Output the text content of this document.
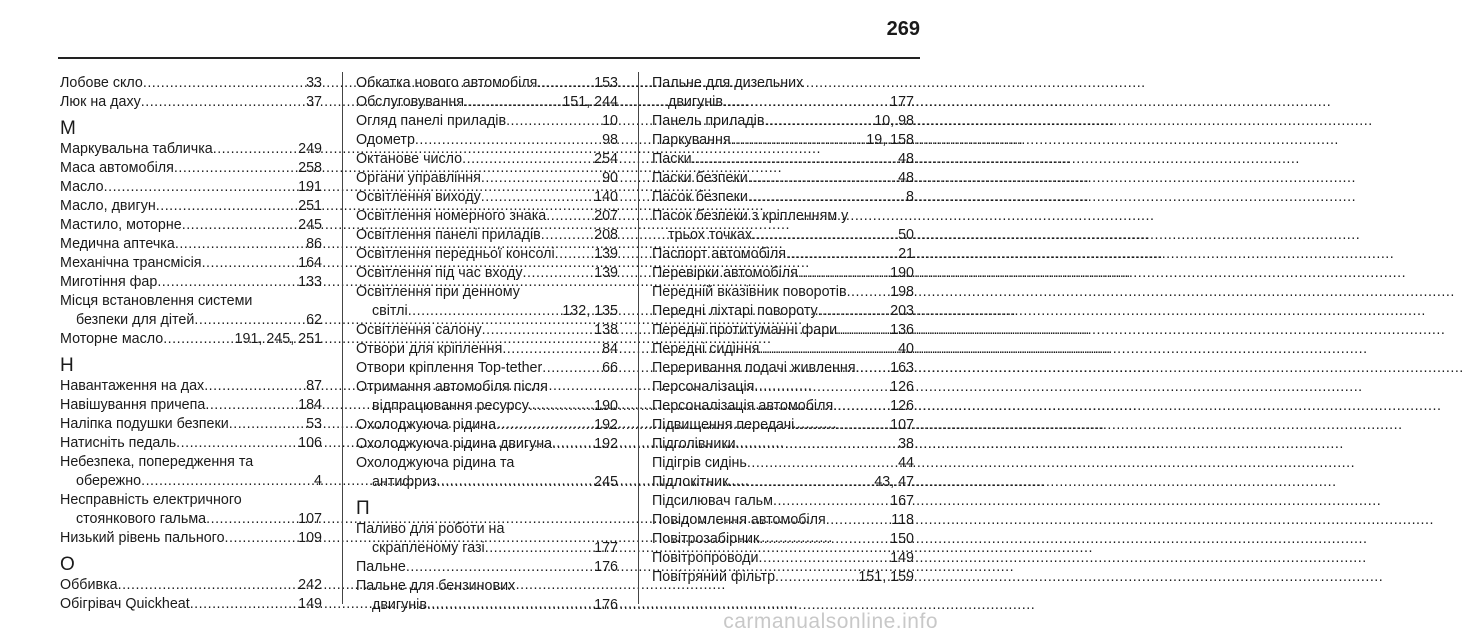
269
Лобове скло .....	33
Люк на даху .....	37
М
Маркувальна табличка .....	249
Маса автомобіля .....	258
Масло .....	191
Масло, двигун .....	251
Мастило, моторне .....	245
Медична аптечка .....	86
Механічна трансмісія .....	164
Миготіння фар .....	133
Місця встановлення системи
безпеки для дітей .....	62
Моторне масло .....	191, 245, 251
Н
Навантаження на дах .....	87
Навішування причепа .....	184
Наліпка подушки безпеки .....	53
Натисніть педаль .....	106
Небезпека, попередження та
обережно .....	4
Несправність електричного
стоянкового гальма .....	107
Низький рівень пального .....	109
О
Оббивка .....	242
Обігрівач Quickheat .....	149
Обкатка нового автомобіля .....	153
Обслуговування .....	151, 244
Огляд панелі приладів .....	10
Одометр .....	98
Октанове число .....	254
Органи управління .....	90
Освітлення виходу .....	140
Освітлення номерного знака .....	207
Освітлення панелі приладів .....	208
Освітлення передньої консолі .....	139
Освітлення під час входу .....	139
Освітлення при денному
світлі .....	132, 135
Освітлення салону .....	138
Отвори для кріплення .....	84
Отвори кріплення Top-tether .....	66
Отримання автомобіля після
відпрацювання ресурсу .....	190
Охолоджуюча рідина .....	192
Охолоджуюча рідина двигуна .....	192
Охолоджуюча рідина та
антифриз .....	245
П
Паливо для роботи на
скрапленому газі .....	177
Пальне .....	176
Пальне для бензинових
двигунів .....	176
Пальне для дизельних
двигунів .....	177
Панель приладів .....	10, 98
Паркування .....	19, 158
Паски .....	48
Паски безпеки .....	48
Пасок безпеки .....	8
Пасок безпеки з кріпленням у
трьох точках .....	50
Паспорт автомобіля .....	21
Перевірки автомобіля .....	190
Передній вказівник поворотів .....	198
Передні ліхтарі повороту .....	203
Передні протитуманні фари .....	136
Передні сидіння .....	40
Переривання подачі живлення ..... 163
Персоналізація .....	126
Персоналізація автомобіля .....	126
Підвищення передачі .....	107
Підголівники .....	38
Підігрів сидінь .....	44
Підлокітник .....	43, 47
Підсилювач гальм .....	167
Повідомлення автомобіля .....	118
Повітрозабірник .....	150
Повітропроводи .....	149
Повітряний фільтр .....	151, 159
carmanualsonline.info
